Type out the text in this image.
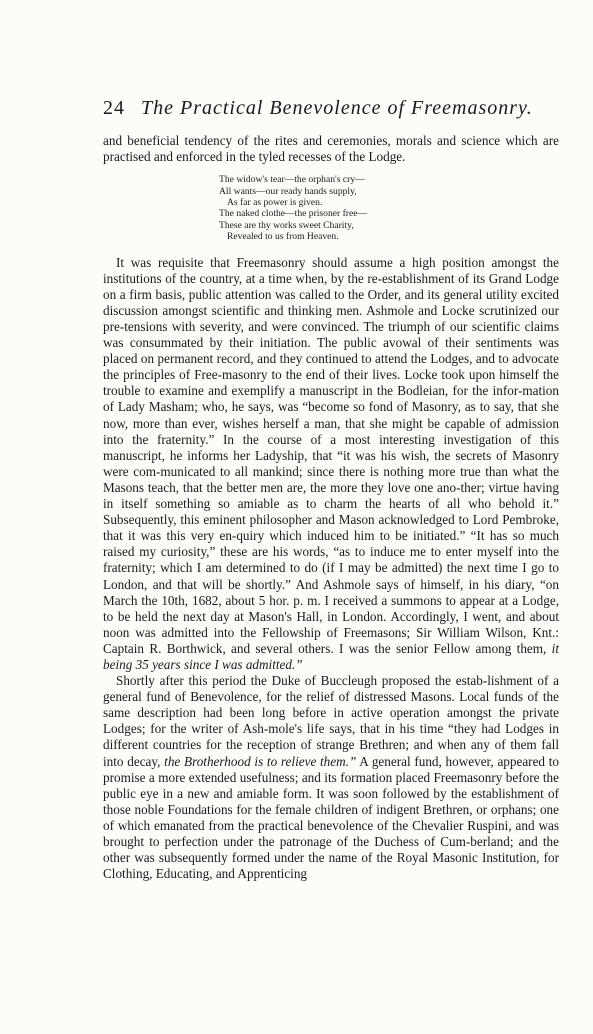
24 The Practical Benevolence of Freemasonry.

and beneficial tendency of the rites and ceremonies, morals and science which are practised and enforced in the tyled recesses of the Lodge.

The widow's tear—the orphan's cry—
All wants—our ready hands supply,
As far as power is given.
The naked clothe—the prisoner free—
These are thy works sweet Charity,
Revealed to us from Heaven.

It was requisite that Freemasonry should assume a high position amongst the institutions of the country, at a time when, by the re-establishment of its Grand Lodge on a firm basis, public attention was called to the Order, and its general utility excited discussion amongst scientific and thinking men. Ashmole and Locke scrutinized our pre-tensions with severity, and were convinced. The triumph of our scientific claims was consummated by their initiation. The public avowal of their sentiments was placed on permanent record, and they continued to attend the Lodges, and to advocate the principles of Free-masonry to the end of their lives. Locke took upon himself the trouble to examine and exemplify a manuscript in the Bodleian, for the infor-mation of Lady Masham; who, he says, was “become so fond of Masonry, as to say, that she now, more than ever, wishes herself a man, that she might be capable of admission into the fraternity.” In the course of a most interesting investigation of this manuscript, he informs her Ladyship, that “it was his wish, the secrets of Masonry were com-municated to all mankind; since there is nothing more true than what the Masons teach, that the better men are, the more they love one ano-ther; virtue having in itself something so amiable as to charm the hearts of all who behold it.” Subsequently, this eminent philosopher and Mason acknowledged to Lord Pembroke, that it was this very en-quiry which induced him to be initiated.” “It has so much raised my curiosity,” these are his words, “as to induce me to enter myself into the fraternity; which I am determined to do (if I may be admitted) the next time I go to London, and that will be shortly.” And Ashmole says of himself, in his diary, “on March the 10th, 1682, about 5 hor. p. m. I received a summons to appear at a Lodge, to be held the next day at Mason's Hall, in London. Accordingly, I went, and about noon was admitted into the Fellowship of Freemasons; Sir William Wilson, Knt.: Captain R. Borthwick, and several others. I was the senior Fellow among them, it being 35 years since I was admitted.”

Shortly after this period the Duke of Buccleugh proposed the estab-lishment of a general fund of Benevolence, for the relief of distressed Masons. Local funds of the same description had been long before in active operation amongst the private Lodges; for the writer of Ash-mole's life says, that in his time “they had Lodges in different countries for the reception of strange Brethren; and when any of them fall into decay, the Brotherhood is to relieve them.” A general fund, however, appeared to promise a more extended usefulness; and its formation placed Freemasonry before the public eye in a new and amiable form. It was soon followed by the establishment of those noble Foundations for the female children of indigent Brethren, or orphans; one of which emanated from the practical benevolence of the Chevalier Ruspini, and was brought to perfection under the patronage of the Duchess of Cum-berland; and the other was subsequently formed under the name of the Royal Masonic Institution, for Clothing, Educating, and Apprenticing
